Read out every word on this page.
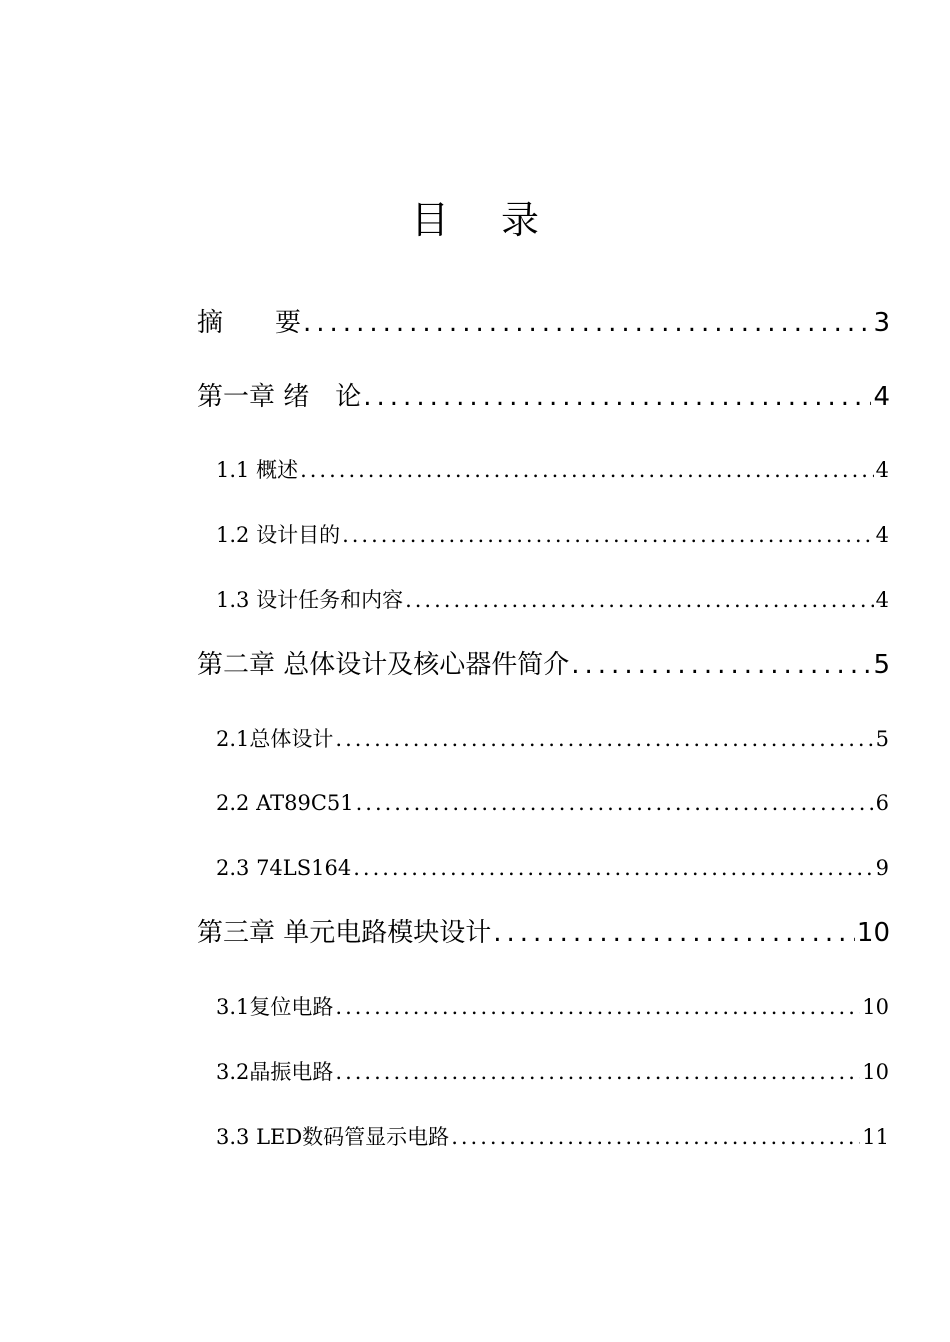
目 录
摘　　要 .....	3
第一章 绪　论 .....	4
1.1 概述 .....	4
1.2 设计目的 .....	4
1.3 设计任务和内容 .....	4
第二章 总体设计及核心器件简介 .....	5
2.1总体设计 .....	5
2.2 AT89C51 .....	6
2.3 74LS164 .....	9
第三章 单元电路模块设计 .....	10
3.1复位电路 .....	10
3.2晶振电路 .....	10
3.3 LED数码管显示电路 .....	11
